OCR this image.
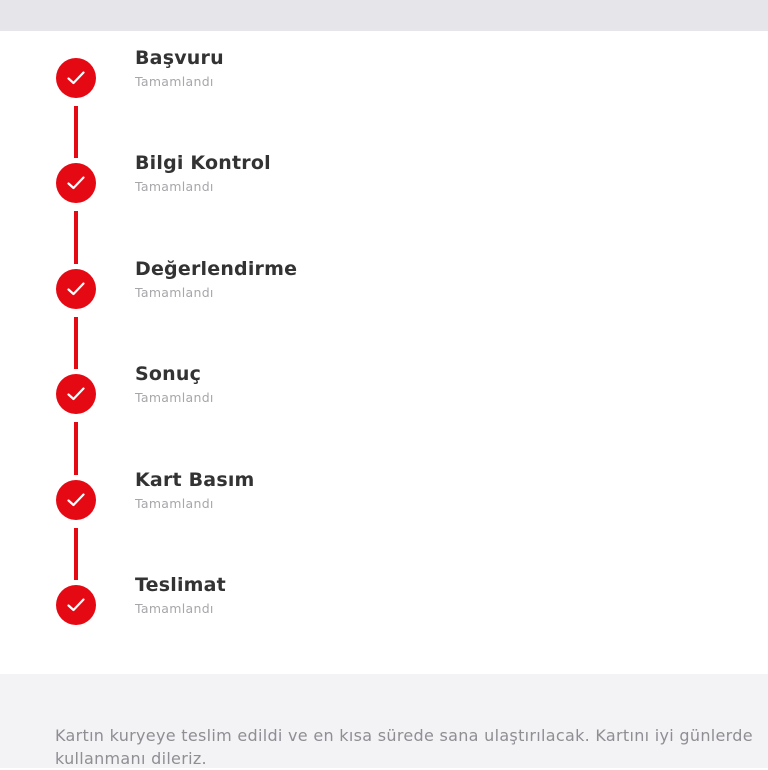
Başvuru
Tamamlandı
Bilgi Kontrol
Tamamlandı
Değerlendirme
Tamamlandı
Sonuç
Tamamlandı
Kart Basım
Tamamlandı
Teslimat
Tamamlandı
Kartın kuryeye teslim edildi ve en kısa sürede sana ulaştırılacak. Kartını iyi günlerde kullanmanı dileriz.
